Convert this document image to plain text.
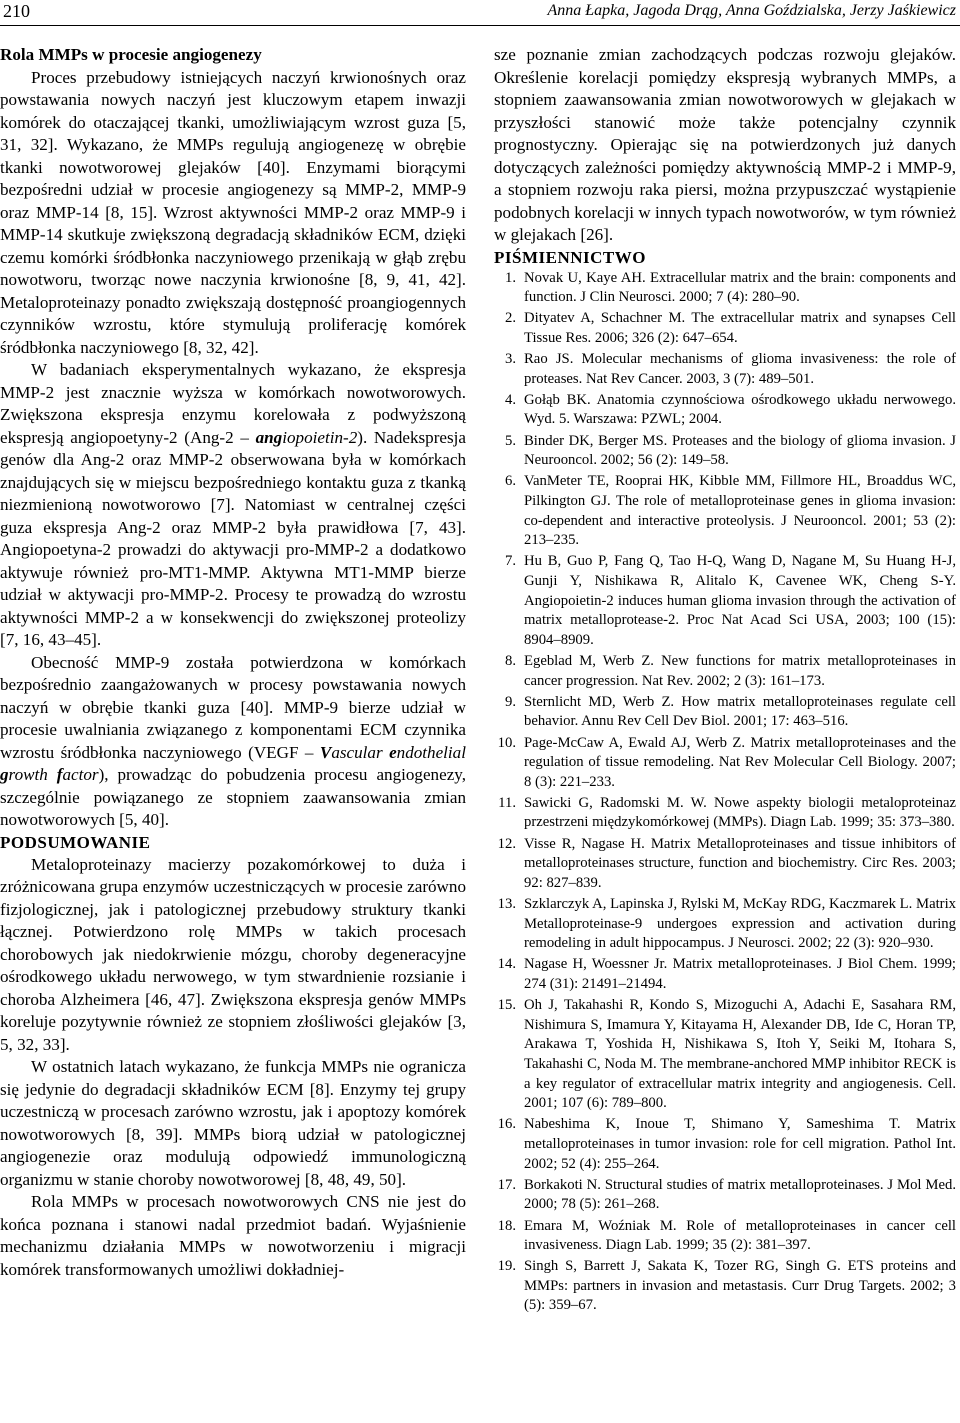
210	Anna Łapka, Jagoda Drąg, Anna Goździalska, Jerzy Jaśkiewicz
Rola MMPs w procesie angiogenezy

Proces przebudowy istniejących naczyń krwionośnych oraz powstawania nowych naczyń jest kluczowym etapem inwazji komórek do otaczającej tkanki, umożliwiającym wzrost guza [5, 31, 32]. Wykazano, że MMPs regulują angiogenezę w obrębie tkanki nowotworowej glejaków [40]. Enzymami biorącymi bezpośredni udział w procesie angiogenezy są MMP-2, MMP-9 oraz MMP-14 [8, 15]. Wzrost aktywności MMP-2 oraz MMP-9 i MMP-14 skutkuje zwiększoną degradacją składników ECM, dzięki czemu komórki śródbłonka naczyniowego przenikają w głąb zrębu nowotworu, tworząc nowe naczynia krwionośne [8, 9, 41, 42]. Metaloproteinazy ponadto zwiększają dostępność proangiogennych czynników wzrostu, które stymulują proliferację komórek śródbłonka naczyniowego [8, 32, 42].

W badaniach eksperymentalnych wykazano, że ekspresja MMP-2 jest znacznie wyższa w komórkach nowotworowych. Zwiększona ekspresja enzymu korelowała z podwyższoną ekspresją angiopoetyny-2 (Ang-2 – angiopoietin-2). Nadekspresja genów dla Ang-2 oraz MMP-2 obserwowana była w komórkach znajdujących się w miejscu bezpośredniego kontaktu guza z tkanką niezmienioną nowotworowo [7]. Natomiast w centralnej części guza ekspresja Ang-2 oraz MMP-2 była prawidłowa [7, 43]. Angiopoetyna-2 prowadzi do aktywacji pro-MMP-2 a dodatkowo aktywuje również pro-MT1-MMP. Aktywna MT1-MMP bierze udział w aktywacji pro-MMP-2. Procesy te prowadzą do wzrostu aktywności MMP-2 a w konsekwencji do zwiększonej proteolizy [7, 16, 43–45].

Obecność MMP-9 została potwierdzona w komórkach bezpośrednio zaangażowanych w procesy powstawania nowych naczyń w obrębie tkanki guza [40]. MMP-9 bierze udział w procesie uwalniania związanego z komponentami ECM czynnika wzrostu śródbłonka naczyniowego (VEGF – Vascular endothelial growth factor), prowadząc do pobudzenia procesu angiogenezy, szczególnie powiązanego ze stopniem zaawansowania zmian nowotworowych [5, 40].

PODSUMOWANIE

Metaloproteinazy macierzy pozakomórkowej to duża i zróżnicowana grupa enzymów uczestniczących w procesie zarówno fizjologicznej, jak i patologicznej przebudowy struktury tkanki łącznej. Potwierdzono rolę MMPs w takich procesach chorobowych jak niedokrwienie mózgu, choroby degeneracyjne ośrodkowego układu nerwowego, w tym stwardnienie rozsianie i choroba Alzheimera [46, 47]. Zwiększona ekspresja genów MMPs koreluje pozytywnie również ze stopniem złośliwości glejaków [3, 5, 32, 33].

W ostatnich latach wykazano, że funkcja MMPs nie ogranicza się jedynie do degradacji składników ECM [8]. Enzymy tej grupy uczestniczą w procesach zarówno wzrostu, jak i apoptozy komórek nowotworowych [8, 39]. MMPs biorą udział w patologicznej angiogenezie oraz modulują odpowiedź immunologiczną organizmu w stanie choroby nowotworowej [8, 48, 49, 50].

Rola MMPs w procesach nowotworowych CNS nie jest do końca poznana i stanowi nadal przedmiot badań. Wyjaśnienie mechanizmu działania MMPs w nowotworzeniu i migracji komórek transformowanych umożliwi dokładniej-

sze poznanie zmian zachodzących podczas rozwoju glejaków. Określenie korelacji pomiędzy ekspresją wybranych MMPs, a stopniem zaawansowania zmian nowotworowych w glejakach w przyszłości stanowić może także potencjalny czynnik prognostyczny. Opierając się na potwierdzonych już danych dotyczących zależności pomiędzy aktywnością MMP-2 i MMP-9, a stopniem rozwoju raka piersi, można przypuszczać wystąpienie podobnych korelacji w innych typach nowotworów, w tym również w glejakach [26].

PIŚMIENNICTWO
1. Novak U, Kaye AH. Extracellular matrix and the brain: components and function. J Clin Neurosci. 2000; 7 (4): 280–90.
2. Dityatev A, Schachner M. The extracellular matrix and synapses Cell Tissue Res. 2006; 326 (2): 647–654.
3. Rao JS. Molecular mechanisms of glioma invasiveness: the role of proteases. Nat Rev Cancer. 2003, 3 (7): 489–501.
4. Gołąb BK. Anatomia czynnościowa ośrodkowego układu nerwowego. Wyd. 5. Warszawa: PZWL; 2004.
5. Binder DK, Berger MS. Proteases and the biology of glioma invasion. J Neurooncol. 2002; 56 (2): 149–58.
6. VanMeter TE, Rooprai HK, Kibble MM, Fillmore HL, Broaddus WC, Pilkington GJ. The role of metalloproteinase genes in glioma invasion: co-dependent and interactive proteolysis. J Neurooncol. 2001; 53 (2): 213–235.
7. Hu B, Guo P, Fang Q, Tao H-Q, Wang D, Nagane M, Su Huang H-J, Gunji Y, Nishikawa R, Alitalo K, Cavenee WK, Cheng S-Y. Angiopoietin-2 induces human glioma invasion through the activation of matrix metalloprotease-2. Proc Nat Acad Sci USA, 2003; 100 (15): 8904–8909.
8. Egeblad M, Werb Z. New functions for matrix metalloproteinases in cancer progression. Nat Rev. 2002; 2 (3): 161–173.
9. Sternlicht MD, Werb Z. How matrix metalloproteinases regulate cell behavior. Annu Rev Cell Dev Biol. 2001; 17: 463–516.
10. Page-McCaw A, Ewald AJ, Werb Z. Matrix metalloproteinases and the regulation of tissue remodeling. Nat Rev Molecular Cell Biology. 2007; 8 (3): 221–233.
11. Sawicki G, Radomski M. W. Nowe aspekty biologii metaloproteinaz przestrzeni międzykomórkowej (MMPs). Diagn Lab. 1999; 35: 373–380.
12. Visse R, Nagase H. Matrix Metalloproteinases and tissue inhibitors of metalloproteinases structure, function and biochemistry. Circ Res. 2003; 92: 827–839.
13. Szklarczyk A, Lapinska J, Rylski M, McKay RDG, Kaczmarek L. Matrix Metalloproteinase-9 undergoes expression and activation during remodeling in adult hippocampus. J Neurosci. 2002; 22 (3): 920–930.
14. Nagase H, Woessner Jr. Matrix metalloproteinases. J Biol Chem. 1999; 274 (31): 21491–21494.
15. Oh J, Takahashi R, Kondo S, Mizoguchi A, Adachi E, Sasahara RM, Nishimura S, Imamura Y, Kitayama H, Alexander DB, Ide C, Horan TP, Arakawa T, Yoshida H, Nishikawa S, Itoh Y, Seiki M, Itohara S, Takahashi C, Noda M. The membrane-anchored MMP inhibitor RECK is a key regulator of extracellular matrix integrity and angiogenesis. Cell. 2001; 107 (6): 789–800.
16. Nabeshima K, Inoue T, Shimano Y, Sameshima T. Matrix metalloproteinases in tumor invasion: role for cell migration. Pathol Int. 2002; 52 (4): 255–264.
17. Borkakoti N. Structural studies of matrix metalloproteinases. J Mol Med. 2000; 78 (5): 261–268.
18. Emara M, Woźniak M. Role of metalloproteinases in cancer cell invasiveness. Diagn Lab. 1999; 35 (2): 381–397.
19. Singh S, Barrett J, Sakata K, Tozer RG, Singh G. ETS proteins and MMPs: partners in invasion and metastasis. Curr Drug Targets. 2002; 3 (5): 359–67.
